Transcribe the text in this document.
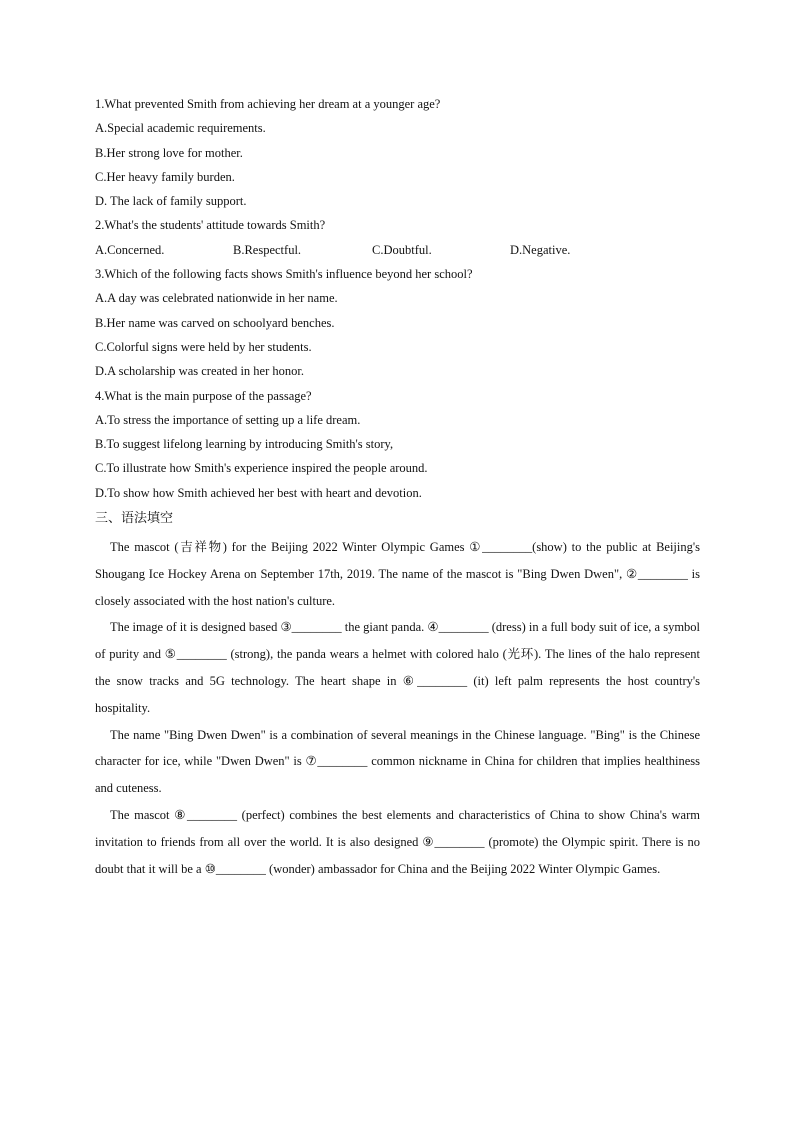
1.What prevented Smith from achieving her dream at a younger age?
A.Special academic requirements.
B.Her strong love for mother.
C.Her heavy family burden.
D. The lack of family support.
2.What's the students' attitude towards Smith?
A.Concerned.	B.Respectful.	C.Doubtful.	D.Negative.
3.Which of the following facts shows Smith's influence beyond her school?
A.A day was celebrated nationwide in her name.
B.Her name was carved on schoolyard benches.
C.Colorful signs were held by her students.
D.A scholarship was created in her honor.
4.What is the main purpose of the passage?
A.To stress the importance of setting up a life dream.
B.To suggest lifelong learning by introducing Smith's story,
C.To illustrate how Smith's experience inspired the people around.
D.To show how Smith achieved her best with heart and devotion.
三、语法填空

The mascot (吉祥物) for the Beijing 2022 Winter Olympic Games ①________(show) to the public at Beijing's Shougang Ice Hockey Arena on September 17th, 2019. The name of the mascot is "Bing Dwen Dwen", ②________ is closely associated with the host nation's culture.

The image of it is designed based ③________ the giant panda. ④________ (dress) in a full body suit of ice, a symbol of purity and ⑤________ (strong), the panda wears a helmet with colored halo (光环). The lines of the halo represent the snow tracks and 5G technology. The heart shape in ⑥________ (it) left palm represents the host country's hospitality.

The name "Bing Dwen Dwen" is a combination of several meanings in the Chinese language. "Bing" is the Chinese character for ice, while "Dwen Dwen" is ⑦________ common nickname in China for children that implies healthiness and cuteness.

The mascot ⑧________ (perfect) combines the best elements and characteristics of China to show China's warm invitation to friends from all over the world. It is also designed ⑨________ (promote) the Olympic spirit. There is no doubt that it will be a ⑩________ (wonder) ambassador for China and the Beijing 2022 Winter Olympic Games.
